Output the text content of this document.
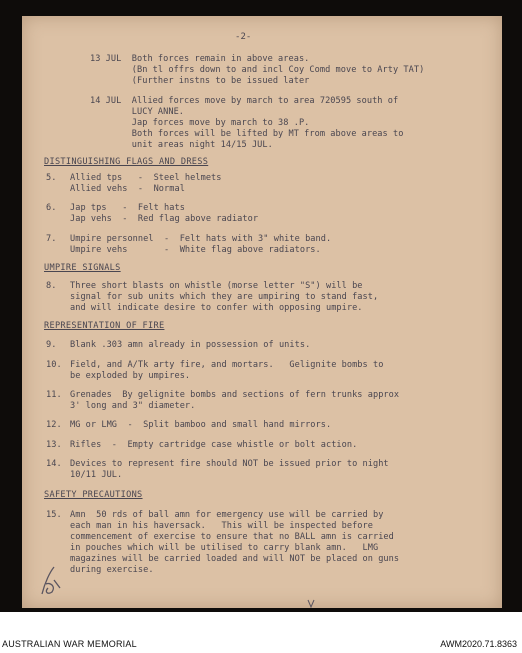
-2-
13 JUL  Both forces remain in above areas.
(Bn tl offrs down to and incl Coy Comd move to Arty TAT)
(Further instns to be issued later
14 JUL  Allied forces move by march to area 720595 south of
LUCY ANNE.
Jap forces move by march to 38 .P.
Both forces will be lifted by MT from above areas to
unit areas night 14/15 JUL.
DISTINGUISHING FLAGS AND DRESS
5. Allied tps   -  Steel helmets
Allied vehs  -  Normal
6. Jap tps   -  Felt hats
Jap vehs  -  Red flag above radiator
7. Umpire personnel  -  Felt hats with 3" white band.
Umpire vehs       -  White flag above radiators.
UMPIRE SIGNALS
8. Three short blasts on whistle (morse letter "S") will be
signal for sub units which they are umpiring to stand fast,
and will indicate desire to confer with opposing umpire.
REPRESENTATION OF FIRE
9. Blank .303 amn already in possession of units.
10. Field, and A/Tk arty fire, and mortars.   Gelignite bombs to
be exploded by umpires.
11. Grenades  By gelignite bombs and sections of fern trunks approx
3' long and 3" diameter.
12. MG or LMG  -  Split bamboo and small hand mirrors.
13. Rifles  -  Empty cartridge case whistle or bolt action.
14. Devices to represent fire should NOT be issued prior to night
10/11 JUL.
SAFETY PRECAUTIONS
15. Amn  50 rds of ball amn for emergency use will be carried by
each man in his haversack.   This will be inspected before
commencement of exercise to ensure that no BALL amn is carried
in pouches which will be utilised to carry blank amn.   LMG
magazines will be carried loaded and will NOT be placed on guns
during exercise.
AUSTRALIAN WAR MEMORIAL	AWM2020.71.8363
